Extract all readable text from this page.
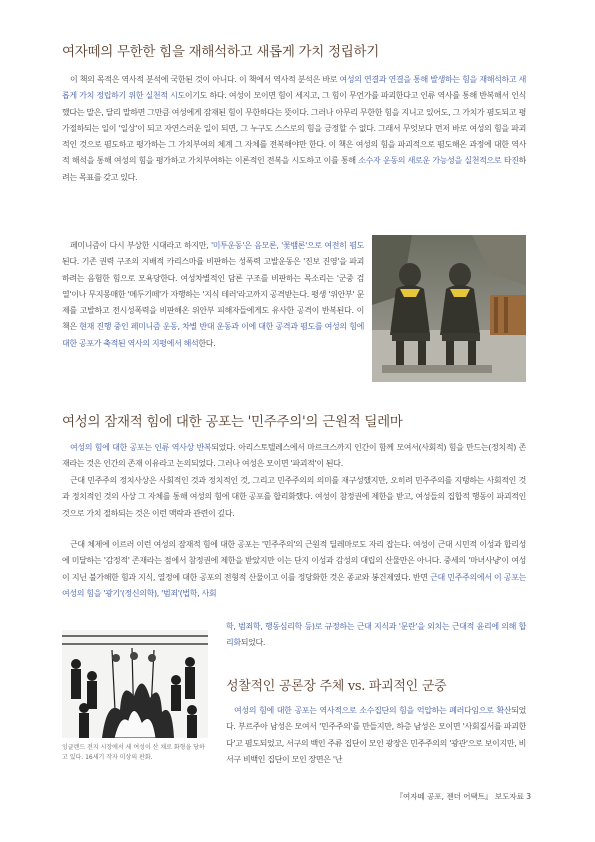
여자떼의 무한한 힘을 재해석하고 새롭게 가치 정립하기
이 책의 목적은 역사적 분석에 국한된 것이 아니다. 이 책에서 역사적 분석은 바로 여성의 연결과 연결을 통해 발생하는 힘을 재해석하고 새롭게 가치 정립하기 위한 실천적 시도이기도 하다. 여성이 모이면 힘이 세지고, 그 힘이 무언가를 파괴한다고 인류 역사를 통해 반복해서 인식했다는 말은, 달리 말하면 그만큼 여성에게 잠재된 힘이 무한하다는 뜻이다. 그러나 아무리 무한한 힘을 지니고 있어도, 그 가치가 폄도되고 평가절하되는 일이 '일상'이 되고 자연스러운 일이 되면, 그 누구도 스스로의 힘을 긍정할 수 없다. 그래서 무엇보다 먼저 바로 여성의 힘을 파괴적인 것으로 폄도하고 평가하는 그 가치부여의 체계 그 자체를 전복해야만 한다. 이 책은 여성의 힘을 파괴적으로 폄도해온 과정에 대한 역사적 해석을 통해 여성의 힘을 평가하고 가치부여하는 이론적인 전복을 시도하고 이를 통해 소수자 운동의 새로운 가능성을 실천적으로 타진하려는 목표를 갖고 있다.
페미니즘이 다시 부상한 시대라고 하지만, '미투운동'은 음모론, '꽃뱀론'으로 여전히 폄도된다. 기존 권력 구조의 지배적 카리스마를 비판하는 성폭력 고발운동은 '진보 진영'을 파괴하려는 음험한 힘으로 모욕당한다. 여성차별적인 담론 구조를 비판하는 목소리는 '군중 검열'이나 무지몽매한 '메두기떼'가 자행하는 '지식 테러'라고까지 공격받는다. 평생 '위안부' 문제를 고발하고 전시성폭력을 비판해온 위안부 피해자들에게도 유사한 공격이 반복된다. 이 책은 현재 진행 중인 페미니즘 운동, 차별 반대 운동과 이에 대한 공격과 폄도를 여성의 힘에 대한 공포가 축적된 역사의 지평에서 해석한다.
여성의 잠재적 힘에 대한 공포는 '민주주의'의 근원적 딜레마
여성의 힘에 대한 공포는 인류 역사상 반복되었다. 아리스토텔레스에서 마르크스까지 인간이 함께 모여서(사회적) 힘을 만드는(정치적) 존재라는 것은 인간의 존재 이유라고 논의되었다. 그러나 여성은 모이면 '파괴적'이 된다.
근대 민주주의 정치사상은 사회적인 것과 정치적인 것, 그리고 민주주의의 의미를 재구성했지만, 오히려 민주주의를 지탱하는 사회적인 것과 정치적인 것의 사상 그 자체를 통해 여성의 힘에 대한 공포를 합리화했다. 여성이 참정권에 제한을 받고, 여성들의 집합적 행동이 파괴적인 것으로 가치 절하되는 것은 이런 맥락과 관련이 깊다.
근대 체제에 이르러 이런 여성의 잠재적 힘에 대한 공포는 '민주주의'의 근원적 딜레마로도 자리 잡는다. 여성이 근대 시민적 이성과 합리성에 미달하는 '감정적' 존재라는 점에서 참정권에 제한을 받았지만 이는 단지 이성과 감성의 대립의 산물만은 아니다. 중세의 '마녀사냥'이 여성이 지닌 불가해한 힘과 지식, 열정에 대한 공포의 전형적 산물이고 이를 정당화한 것은 종교와 봉건제였다. 반면 근대 민주주의에서 이 공포는 여성의 힘을 '광기'(정신의학), '범죄'(법학, 사회
학, 범죄학, 행동심리학 등)로 규정하는 근대 지식과 '문란'을 외치는 근대적 윤리에 의해 합리화되었다.
잉글랜드 전지 시장에서 세 여성이 산 채로 화형을 당하고 있다. 16세기 작자 미상의 판화.
성찰적인 공론장 주체 vs. 파괴적인 군중
여성의 힘에 대한 공포는 역사적으로 소수집단의 힘을 억압하는 폐러다임으로 확산되었다. 부르주아 남성은 모여서 '민주주의'를 만들지만, 하층 남성은 모이면 '사회질서를 파괴한다'고 폄도되었고, 서구의 백인 주류 집단이 모인 광장은 민주주의의 '광관'으로 보이지만, 비서구 비백인 집단이 모인 장면은 '난
『여자떼 공포, 젠더 어택트』 보도자료 3
